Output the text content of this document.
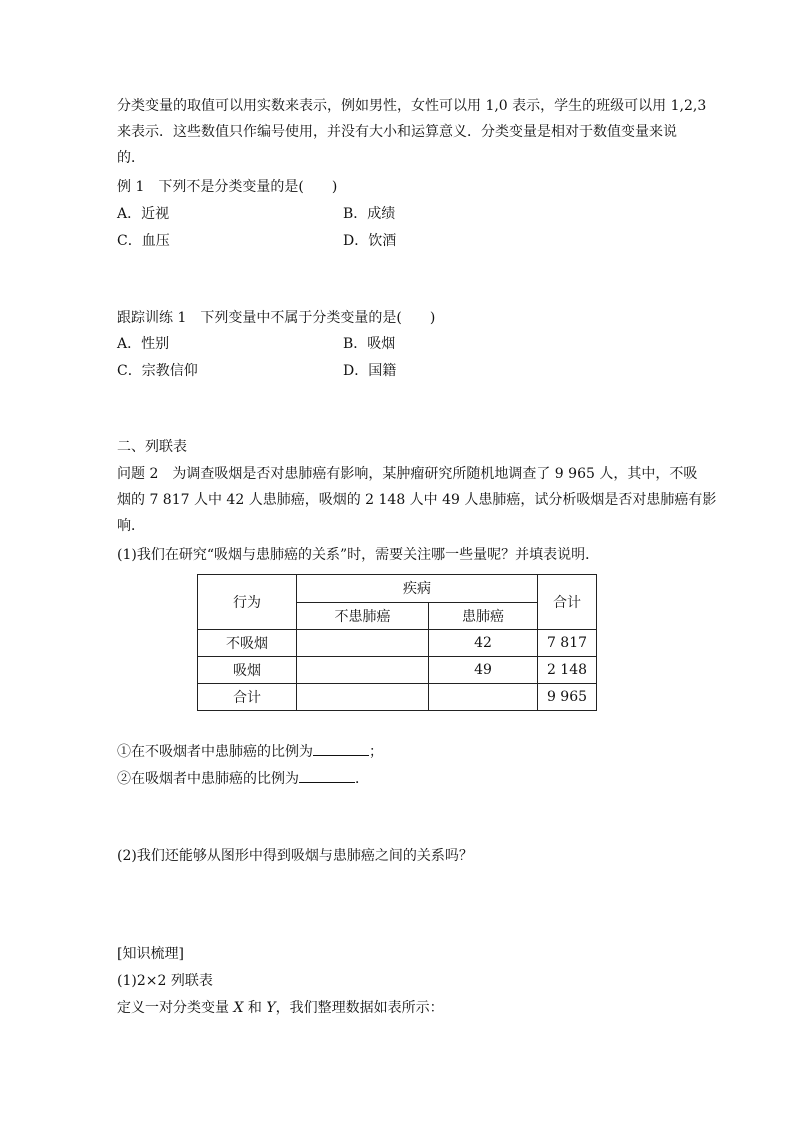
分类变量的取值可以用实数来表示，例如男性，女性可以用 1,0 表示，学生的班级可以用 1,2,3
来表示．这些数值只作编号使用，并没有大小和运算意义．分类变量是相对于数值变量来说
的．
例 1　下列不是分类变量的是(　　)
A．近视	B．成绩
C．血压	D．饮酒
跟踪训练 1　下列变量中不属于分类变量的是(　　)
A．性别	B．吸烟
C．宗教信仰	D．国籍
二、列联表
问题 2　为调查吸烟是否对患肺癌有影响，某肿瘤研究所随机地调查了 9 965 人，其中，不吸
烟的 7 817 人中 42 人患肺癌，吸烟的 2 148 人中 49 人患肺癌，试分析吸烟是否对患肺癌有影
响．
(1)我们在研究“吸烟与患肺癌的关系”时，需要关注哪一些量呢？并填表说明．
行为	疾病		合计
	不患肺癌	患肺癌	
不吸烟		42	7 817
吸烟		49	2 148
合计			9 965
①在不吸烟者中患肺癌的比例为	；
②在吸烟者中患肺癌的比例为	．
(2)我们还能够从图形中得到吸烟与患肺癌之间的关系吗？
[知识梳理]
(1)2×2 列联表
定义一对分类变量 X 和 Y，我们整理数据如表所示：
